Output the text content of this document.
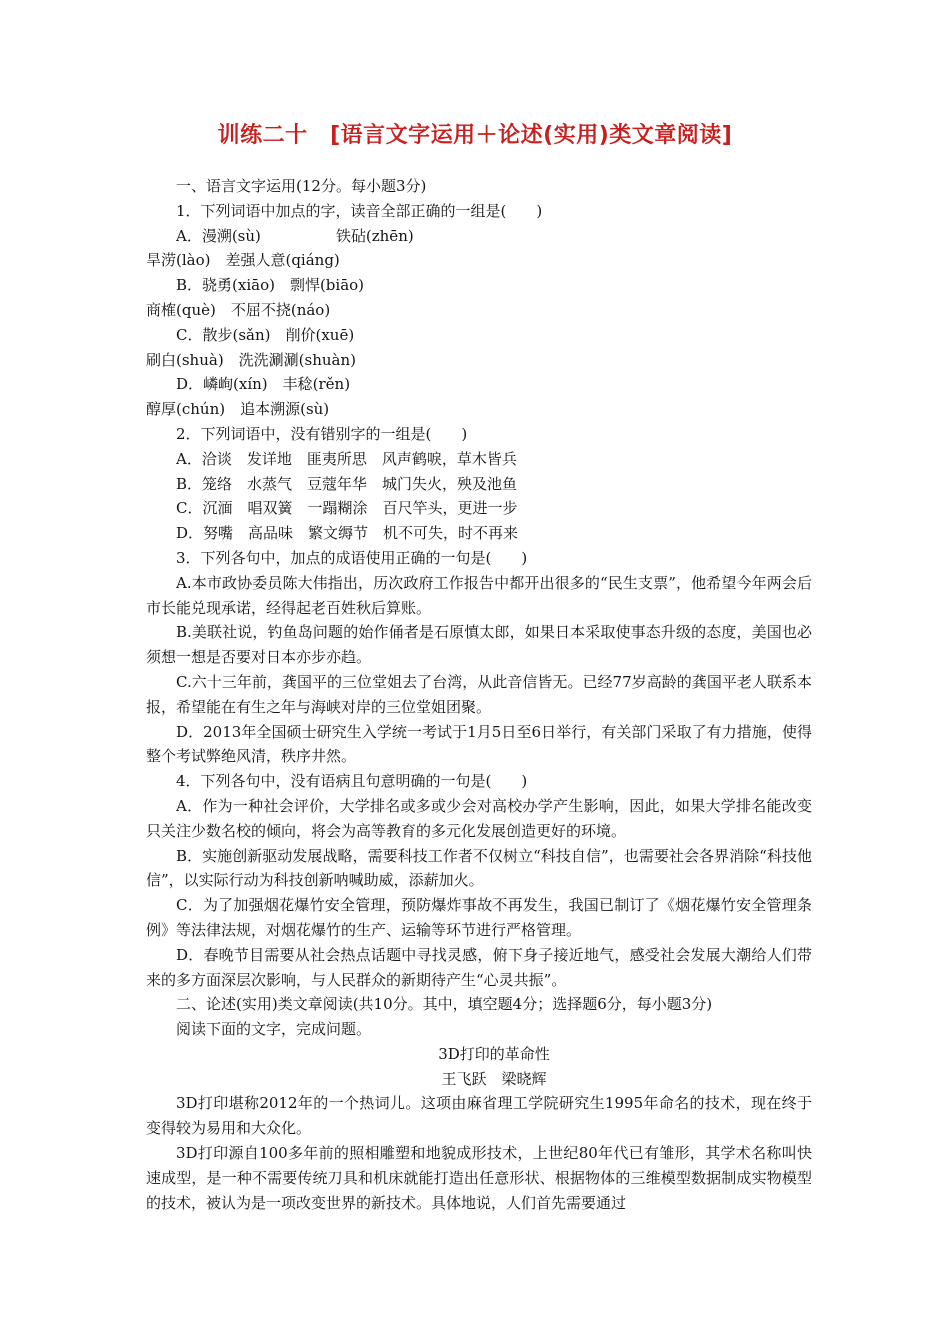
训练二十　[语言文字运用＋论述(实用)类文章阅读]
一、语言文字运用(12分。每小题3分)
1．下列词语中加点的字，读音全部正确的一组是(　　)
A．漫溯(sù)　　　　　铁砧(zhēn)
旱涝(lào)　差强人意(qiáng)
B．骁勇(xiāo)　剽悍(biāo)
商榷(què)　不屈不挠(náo)
C．散步(sǎn)　削价(xuē)
刷白(shuà)　洗洗涮涮(shuàn)
D．嶙峋(xín)　丰稔(rěn)
醇厚(chún)　追本溯源(sù)
2．下列词语中，没有错别字的一组是(　　)
A．洽谈　发详地　匪夷所思　风声鹤唳，草木皆兵
B．笼络　水蒸气　豆蔻年华　城门失火，殃及池鱼
C．沉湎　唱双簧　一蹋糊涂　百尺竿头，更进一步
D．努嘴　高品味　繁文缛节　机不可失，时不再来
3．下列各句中，加点的成语使用正确的一句是(　　)
A.本市政协委员陈大伟指出，历次政府工作报告中都开出很多的“民生支票”，他希望今年两会后市长能兑现承诺，经得起老百姓秋后算账。
B.美联社说，钓鱼岛问题的始作俑者是石原慎太郎，如果日本采取使事态升级的态度，美国也必须想一想是否要对日本亦步亦趋。
C.六十三年前，龚国平的三位堂姐去了台湾，从此音信皆无。已经77岁高龄的龚国平老人联系本报，希望能在有生之年与海峡对岸的三位堂姐团聚。
D．2013年全国硕士研究生入学统一考试于1月5日至6日举行，有关部门采取了有力措施，使得整个考试弊绝风清，秩序井然。
4．下列各句中，没有语病且句意明确的一句是(　　)
A．作为一种社会评价，大学排名或多或少会对高校办学产生影响，因此，如果大学排名能改变只关注少数名校的倾向，将会为高等教育的多元化发展创造更好的环境。
B．实施创新驱动发展战略，需要科技工作者不仅树立“科技自信”，也需要社会各界消除“科技他信”，以实际行动为科技创新呐喊助威，添薪加火。
C．为了加强烟花爆竹安全管理，预防爆炸事故不再发生，我国已制订了《烟花爆竹安全管理条例》等法律法规，对烟花爆竹的生产、运输等环节进行严格管理。
D．春晚节目需要从社会热点话题中寻找灵感，俯下身子接近地气，感受社会发展大潮给人们带来的多方面深层次影响，与人民群众的新期待产生“心灵共振”。
二、论述(实用)类文章阅读(共10分。其中，填空题4分；选择题6分，每小题3分)
阅读下面的文字，完成问题。
3D打印的革命性
王飞跃　梁晓辉
3D打印堪称2012年的一个热词儿。这项由麻省理工学院研究生1995年命名的技术，现在终于变得较为易用和大众化。
3D打印源自100多年前的照相雕塑和地貌成形技术，上世纪80年代已有雏形，其学术名称叫快速成型，是一种不需要传统刀具和机床就能打造出任意形状、根据物体的三维模型数据制成实物模型的技术，被认为是一项改变世界的新技术。具体地说，人们首先需要通过
